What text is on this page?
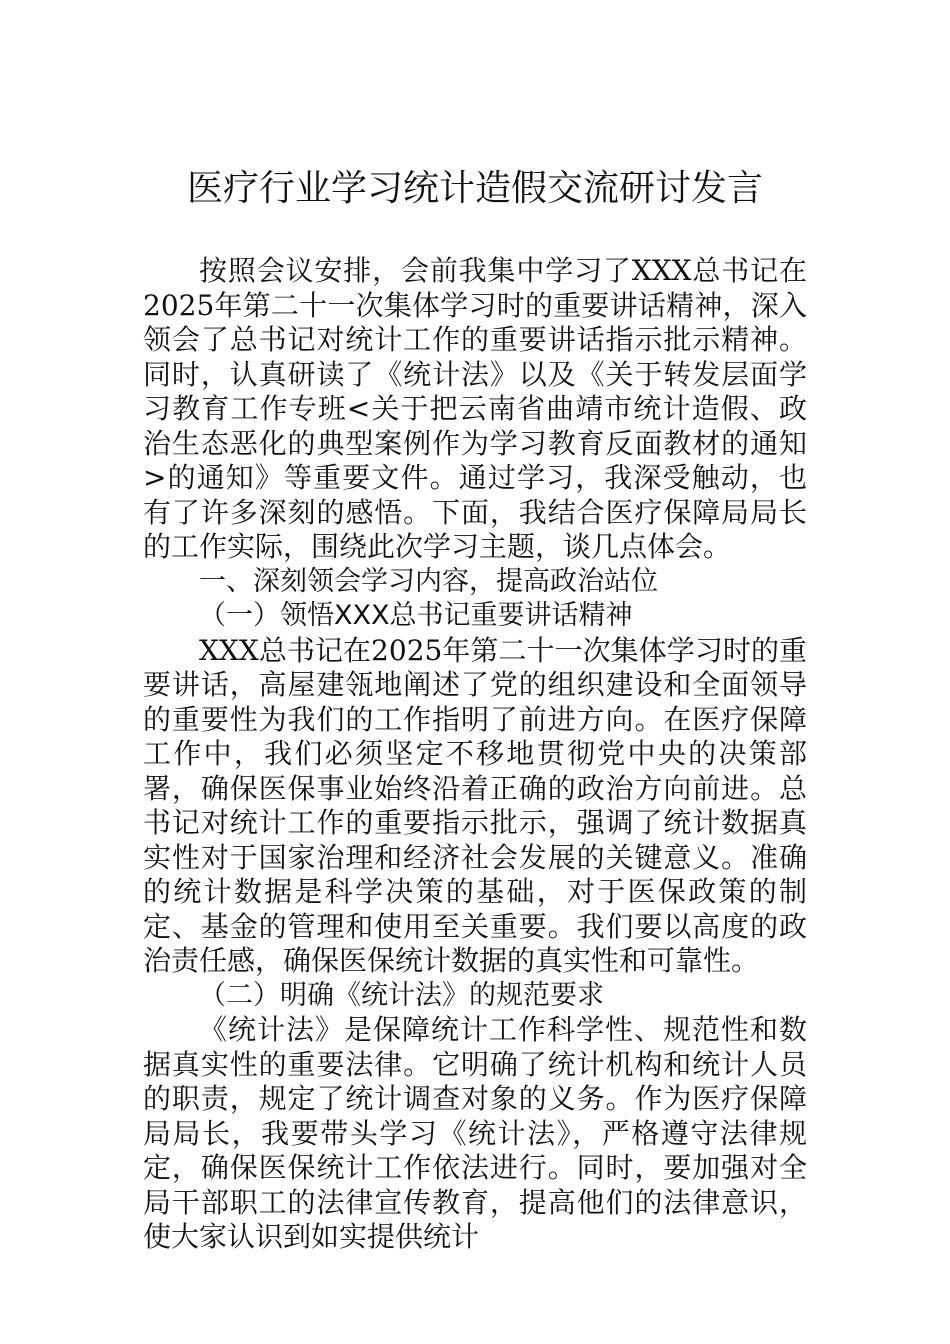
医疗行业学习统计造假交流研讨发言

按照会议安排，会前我集中学习了XXX总书记在2025年第二十一次集体学习时的重要讲话精神，深入领会了总书记对统计工作的重要讲话指示批示精神。同时，认真研读了《统计法》以及《关于转发层面学习教育工作专班<关于把云南省曲靖市统计造假、政治生态恶化的典型案例作为学习教育反面教材的通知>的通知》等重要文件。通过学习，我深受触动，也有了许多深刻的感悟。下面，我结合医疗保障局局长的工作实际，围绕此次学习主题，谈几点体会。

一、深刻领会学习内容，提高政治站位

（一）领悟XXX总书记重要讲话精神

XXX总书记在2025年第二十一次集体学习时的重要讲话，高屋建瓴地阐述了党的组织建设和全面领导的重要性为我们的工作指明了前进方向。在医疗保障工作中，我们必须坚定不移地贯彻党中央的决策部署，确保医保事业始终沿着正确的政治方向前进。总书记对统计工作的重要指示批示，强调了统计数据真实性对于国家治理和经济社会发展的关键意义。准确的统计数据是科学决策的基础，对于医保政策的制定、基金的管理和使用至关重要。我们要以高度的政治责任感，确保医保统计数据的真实性和可靠性。

（二）明确《统计法》的规范要求

《统计法》是保障统计工作科学性、规范性和数据真实性的重要法律。它明确了统计机构和统计人员的职责，规定了统计调查对象的义务。作为医疗保障局局长，我要带头学习《统计法》，严格遵守法律规定，确保医保统计工作依法进行。同时，要加强对全局干部职工的法律宣传教育，提高他们的法律意识，使大家认识到如实提供统计
